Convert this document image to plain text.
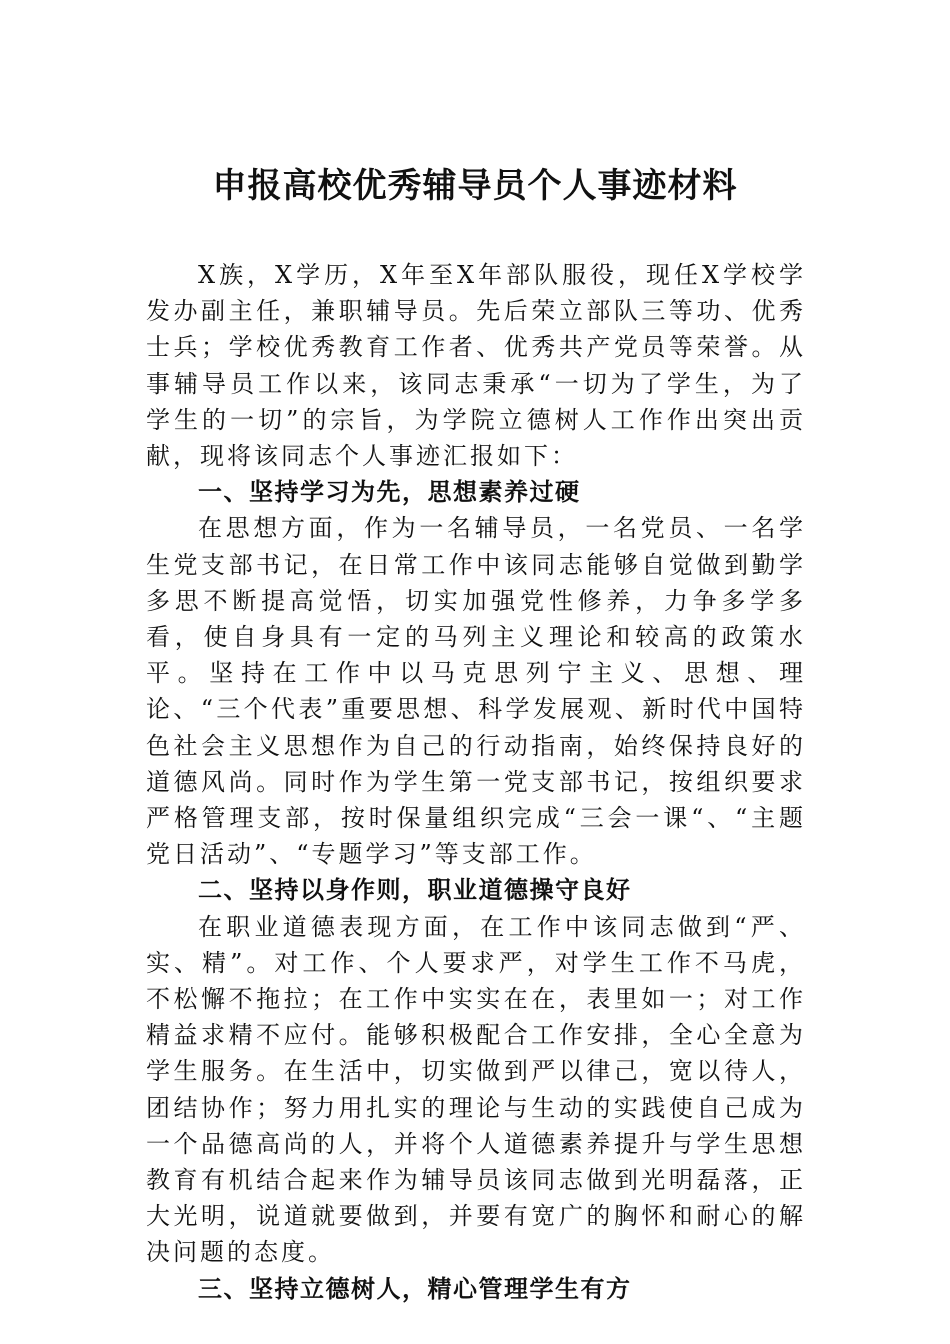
申报高校优秀辅导员个人事迹材料

X族，X学历，X年至X年部队服役，现任X学校学发办副主任，兼职辅导员。先后荣立部队三等功、优秀士兵；学校优秀教育工作者、优秀共产党员等荣誉。从事辅导员工作以来，该同志秉承“一切为了学生，为了学生的一切”的宗旨，为学院立德树人工作作出突出贡献，现将该同志个人事迹汇报如下：

一、坚持学习为先，思想素养过硬

在思想方面，作为一名辅导员，一名党员、一名学生党支部书记，在日常工作中该同志能够自觉做到勤学多思不断提高觉悟，切实加强党性修养，力争多学多看，使自身具有一定的马列主义理论和较高的政策水平。坚持在工作中以马克思列宁主义、思想、理论、“三个代表”重要思想、科学发展观、新时代中国特色社会主义思想作为自己的行动指南，始终保持良好的道德风尚。同时作为学生第一党支部书记，按组织要求严格管理支部，按时保量组织完成“三会一课“、“主题党日活动”、“专题学习”等支部工作。

二、坚持以身作则，职业道德操守良好

在职业道德表现方面，在工作中该同志做到“严、实、精”。对工作、个人要求严，对学生工作不马虎，不松懈不拖拉；在工作中实实在在，表里如一；对工作精益求精不应付。能够积极配合工作安排，全心全意为学生服务。在生活中，切实做到严以律己，宽以待人，团结协作；努力用扎实的理论与生动的实践使自己成为一个品德高尚的人，并将个人道德素养提升与学生思想教育有机结合起来作为辅导员该同志做到光明磊落，正大光明，说道就要做到，并要有宽广的胸怀和耐心的解决问题的态度。

三、坚持立德树人，精心管理学生有方
